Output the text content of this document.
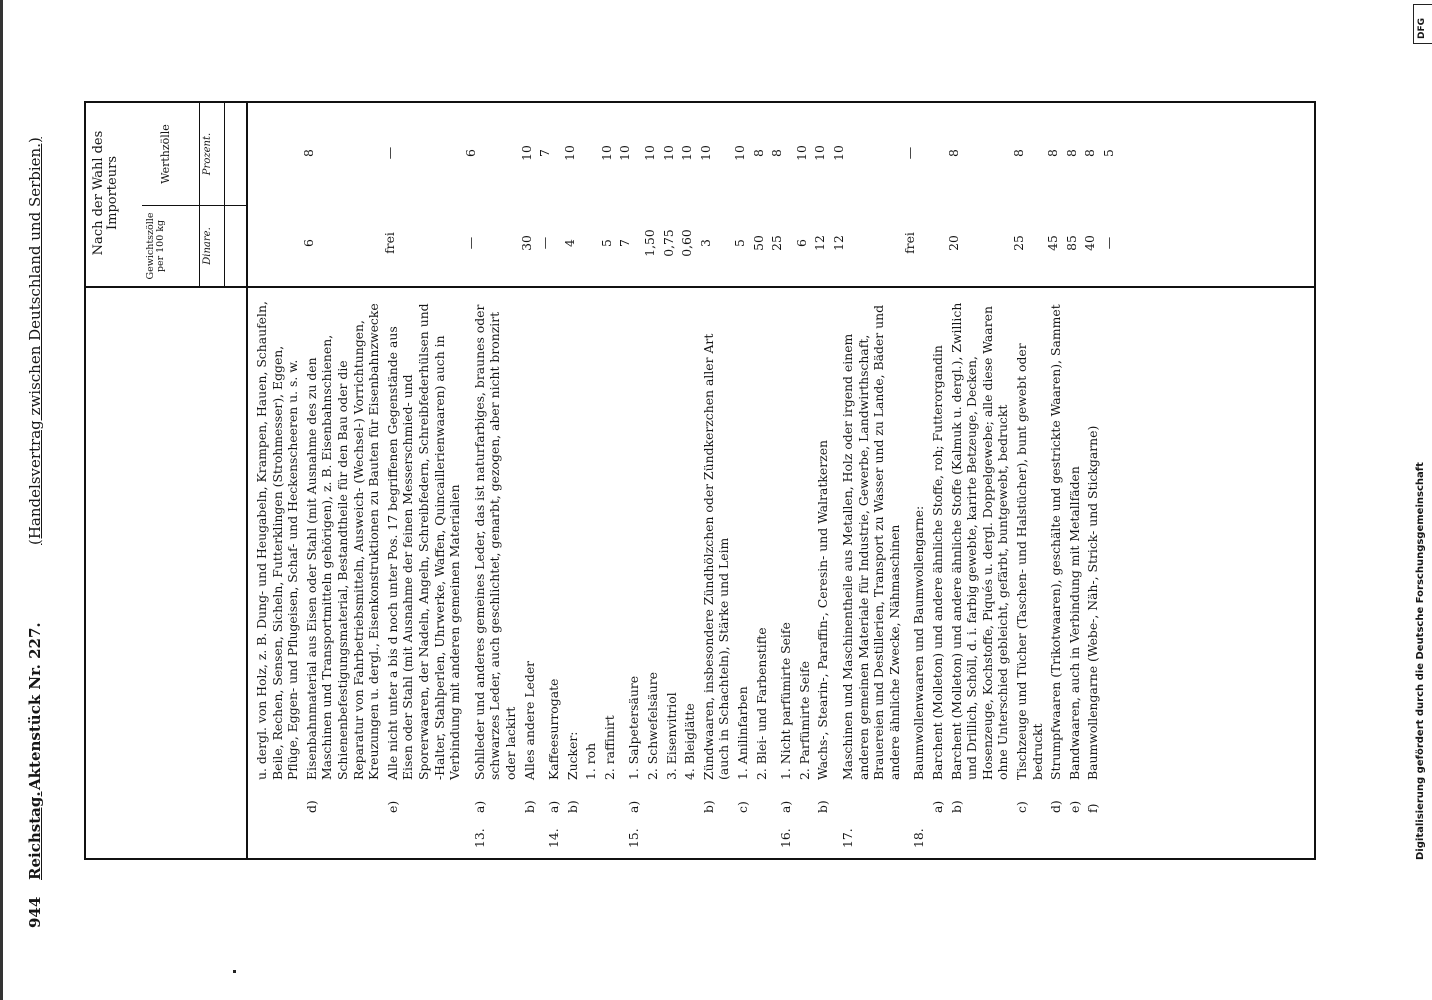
944
Reichstag.
Aktenstück Nr. 227.
(Handelsvertrag zwischen Deutschland und Serbien.)	Nach der Wahl des Importeurs
Gewichtszölle per 100 kg
Werthzölle
Dinare.
Prozent.
u. dergl. von Holz, z. B. Dung- und Heugabeln, Krampen, Hauen, Schaufeln, Beile, Rechen, Sensen, Sicheln, Futterklingen (Strohmesser), Eggen, Pflüge, Eggen- und Pflugeisen, Schaf- und Heckenscheeren u. s. w.
6
8
d)
Eisenbahnmaterial aus Eisen oder Stahl (mit Ausnahme des zu den Maschinen und Transportmitteln gehörigen), z. B. Eisenbahnschienen, Schienenbefestigungsmaterial, Bestandtheile für den Bau oder die Reparatur von Fahrbetriebsmitteln, Ausweich- (Wechsel-) Vorrichtungen, Kreuzungen u. dergl., Eisenkonstruktionen zu Bauten für Eisenbahnzwecke
frei
—
e)
Alle nicht unter a bis d noch unter Pos. 17 begriffenen Gegenstände aus Eisen oder Stahl (mit Ausnahme der feinen Messerschmied- und Sporerwaaren, der Nadeln, Angeln, Schreibfedern, Schreibfederhülsen und -Halter, Stahlperlen, Uhrwerke, Waffen, Quincaillerienwaaren) auch in Verbindung mit anderen gemeinen Materialien
—
6
13.
a)
Sohlleder und anderes gemeines Leder, das ist naturfarbiges, braunes oder schwarzes Leder, auch geschlichtet, genarbt, gezogen, aber nicht bronzirt oder lackirt
30
10
b)
Alles andere Leder
—
7
14.
a)
Kaffeesurrogate
4
10
b)
Zucker: 1. roh
5
10
2. raffinirt
7
10
15.
a)
1. Salpetersäure
1,50
10
2. Schwefelsäure
0,75
10
3. Eisenvitriol
0,60
10
4. Bleiglätte
3
10
b)
Zündwaaren, insbesondere Zündhölzchen oder Zündkerzchen aller Art (auch in Schachteln), Stärke und Leim
5
10
c)
1. Anilinfarben
50
8
2. Blei- und Farbenstifte
25
8
16.
a)
1. Nicht parfümirte Seife
6
10
2. Parfümirte Seife
12
10
b)
Wachs-, Stearin-, Paraffin-, Ceresin- und Walratkerzen
12
10
17.
Maschinen und Maschinentheile aus Metallen, Holz oder irgend einem anderen gemeinen Materiale für Industrie, Gewerbe, Landwirthschaft, Brauereien und Destillerien, Transport zu Wasser und zu Lande, Bäder und andere ähnliche Zwecke, Nähmaschinen
frei
—
18.
Baumwollenwaaren und Baumwollengarne:
a)
Barchent (Molleton) und andere ähnliche Stoffe, roh; Futterorgandin
20
8
b)
Barchent (Molleton) und andere ähnliche Stoffe (Kalmuk u. dergl.), Zwillich und Drillich, Schöll, d. i. farbig gewebte, karirte Betzeuge, Decken, Hosenzeuge, Kochstoffe, Piqués u. dergl. Doppelgewebe; alle diese Waaren ohne Unterschied gebleicht, gefärbt, buntgewebt, bedruckt
25
8
c)
Tischzeuge und Tücher (Taschen- und Halstücher), bunt gewebt oder bedruckt
45
8
d)
Strumpfwaaren (Trikotwaaren), geschälte und gestrickte Waaren), Sammet
85
8
e)
Bandwaaren, auch in Verbindung mit Metallfäden
40
8
f)
Baumwollengarne (Webe-, Näh-, Strick- und Stickgarne)
—
5
Digitalisierung gefördert durch die Deutsche Forschungsgemeinschaft
DFG
